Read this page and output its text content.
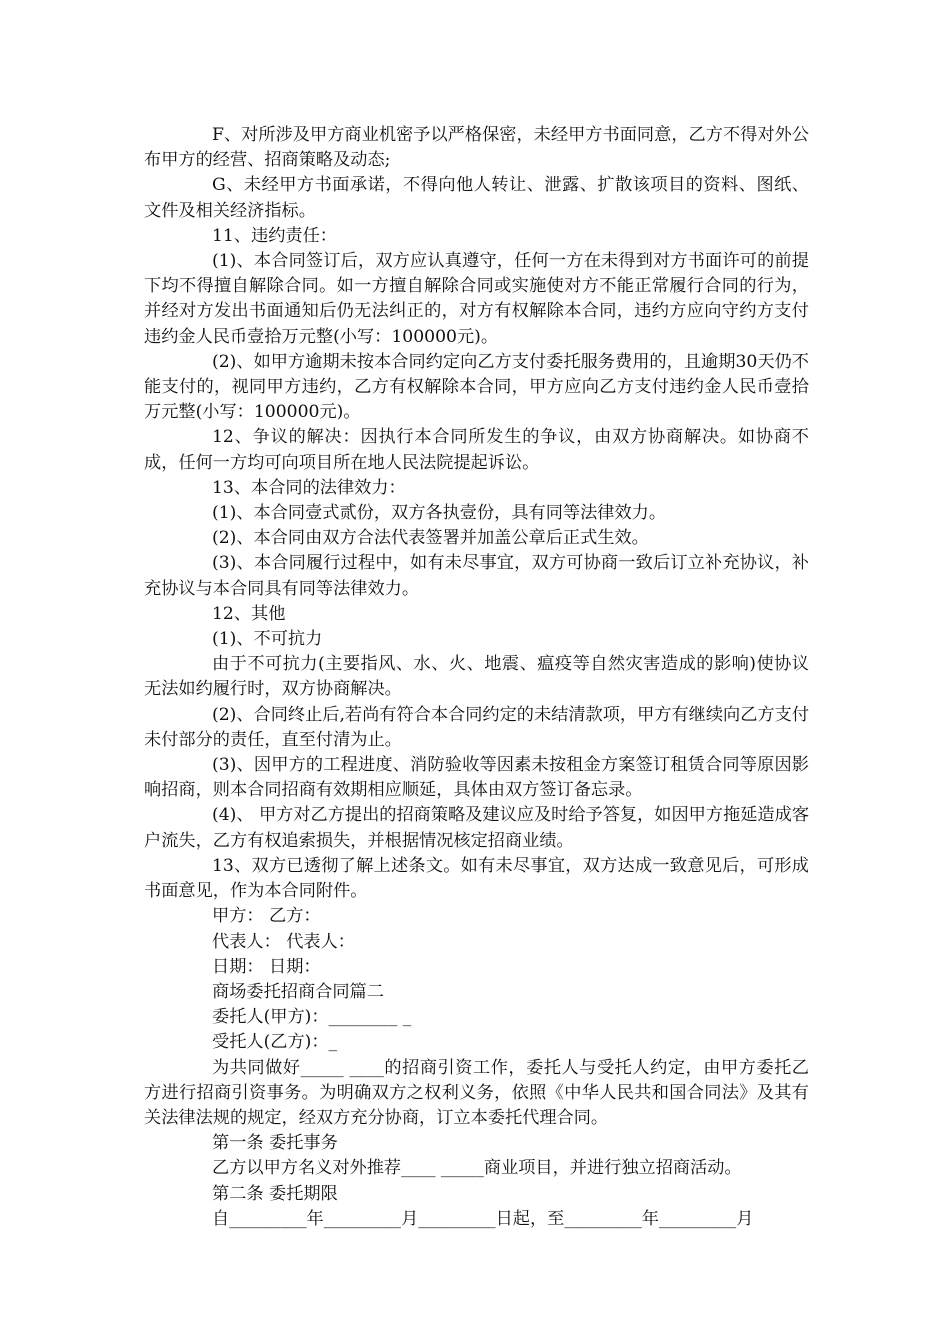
F、对所涉及甲方商业机密予以严格保密，未经甲方书面同意，乙方不得对外公布甲方的经营、招商策略及动态;

G、未经甲方书面承诺，不得向他人转让、泄露、扩散该项目的资料、图纸、文件及相关经济指标。

11、违约责任：

(1)、本合同签订后，双方应认真遵守，任何一方在未得到对方书面许可的前提下均不得擅自解除合同。如一方擅自解除合同或实施使对方不能正常履行合同的行为，并经对方发出书面通知后仍无法纠正的，对方有权解除本合同，违约方应向守约方支付违约金人民币壹拾万元整(小写：100000元)。

(2)、如甲方逾期未按本合同约定向乙方支付委托服务费用的，且逾期30天仍不能支付的，视同甲方违约，乙方有权解除本合同，甲方应向乙方支付违约金人民币壹拾万元整(小写：100000元)。

12、争议的解决：因执行本合同所发生的争议，由双方协商解决。如协商不成，任何一方均可向项目所在地人民法院提起诉讼。

13、本合同的法律效力：

(1)、本合同壹式贰份，双方各执壹份，具有同等法律效力。

(2)、本合同由双方合法代表签署并加盖公章后正式生效。

(3)、本合同履行过程中，如有未尽事宜，双方可协商一致后订立补充协议，补充协议与本合同具有同等法律效力。

12、其他

(1)、不可抗力

由于不可抗力(主要指风、水、火、地震、瘟疫等自然灾害造成的影响)使协议无法如约履行时，双方协商解决。

(2)、合同终止后,若尚有符合本合同约定的未结清款项，甲方有继续向乙方支付未付部分的责任，直至付清为止。

(3)、因甲方的工程进度、消防验收等因素未按租金方案签订租赁合同等原因影响招商，则本合同招商有效期相应顺延，具体由双方签订备忘录。

(4)、 甲方对乙方提出的招商策略及建议应及时给予答复，如因甲方拖延造成客户流失，乙方有权追索损失，并根据情况核定招商业绩。

13、双方已透彻了解上述条文。如有未尽事宜，双方达成一致意见后，可形成书面意见，作为本合同附件。

甲方： 乙方：

代表人： 代表人：

日期： 日期：

商场委托招商合同篇二

委托人(甲方)：________ _

受托人(乙方)：_

为共同做好_____ ____的招商引资工作，委托人与受托人约定，由甲方委托乙方进行招商引资事务。为明确双方之权利义务，依照《中华人民共和国合同法》及其有关法律法规的规定，经双方充分协商，订立本委托代理合同。

第一条 委托事务

乙方以甲方名义对外推荐____ _____商业项目，并进行独立招商活动。

第二条 委托期限

自_________年_________月_________日起，至_________年_________月
